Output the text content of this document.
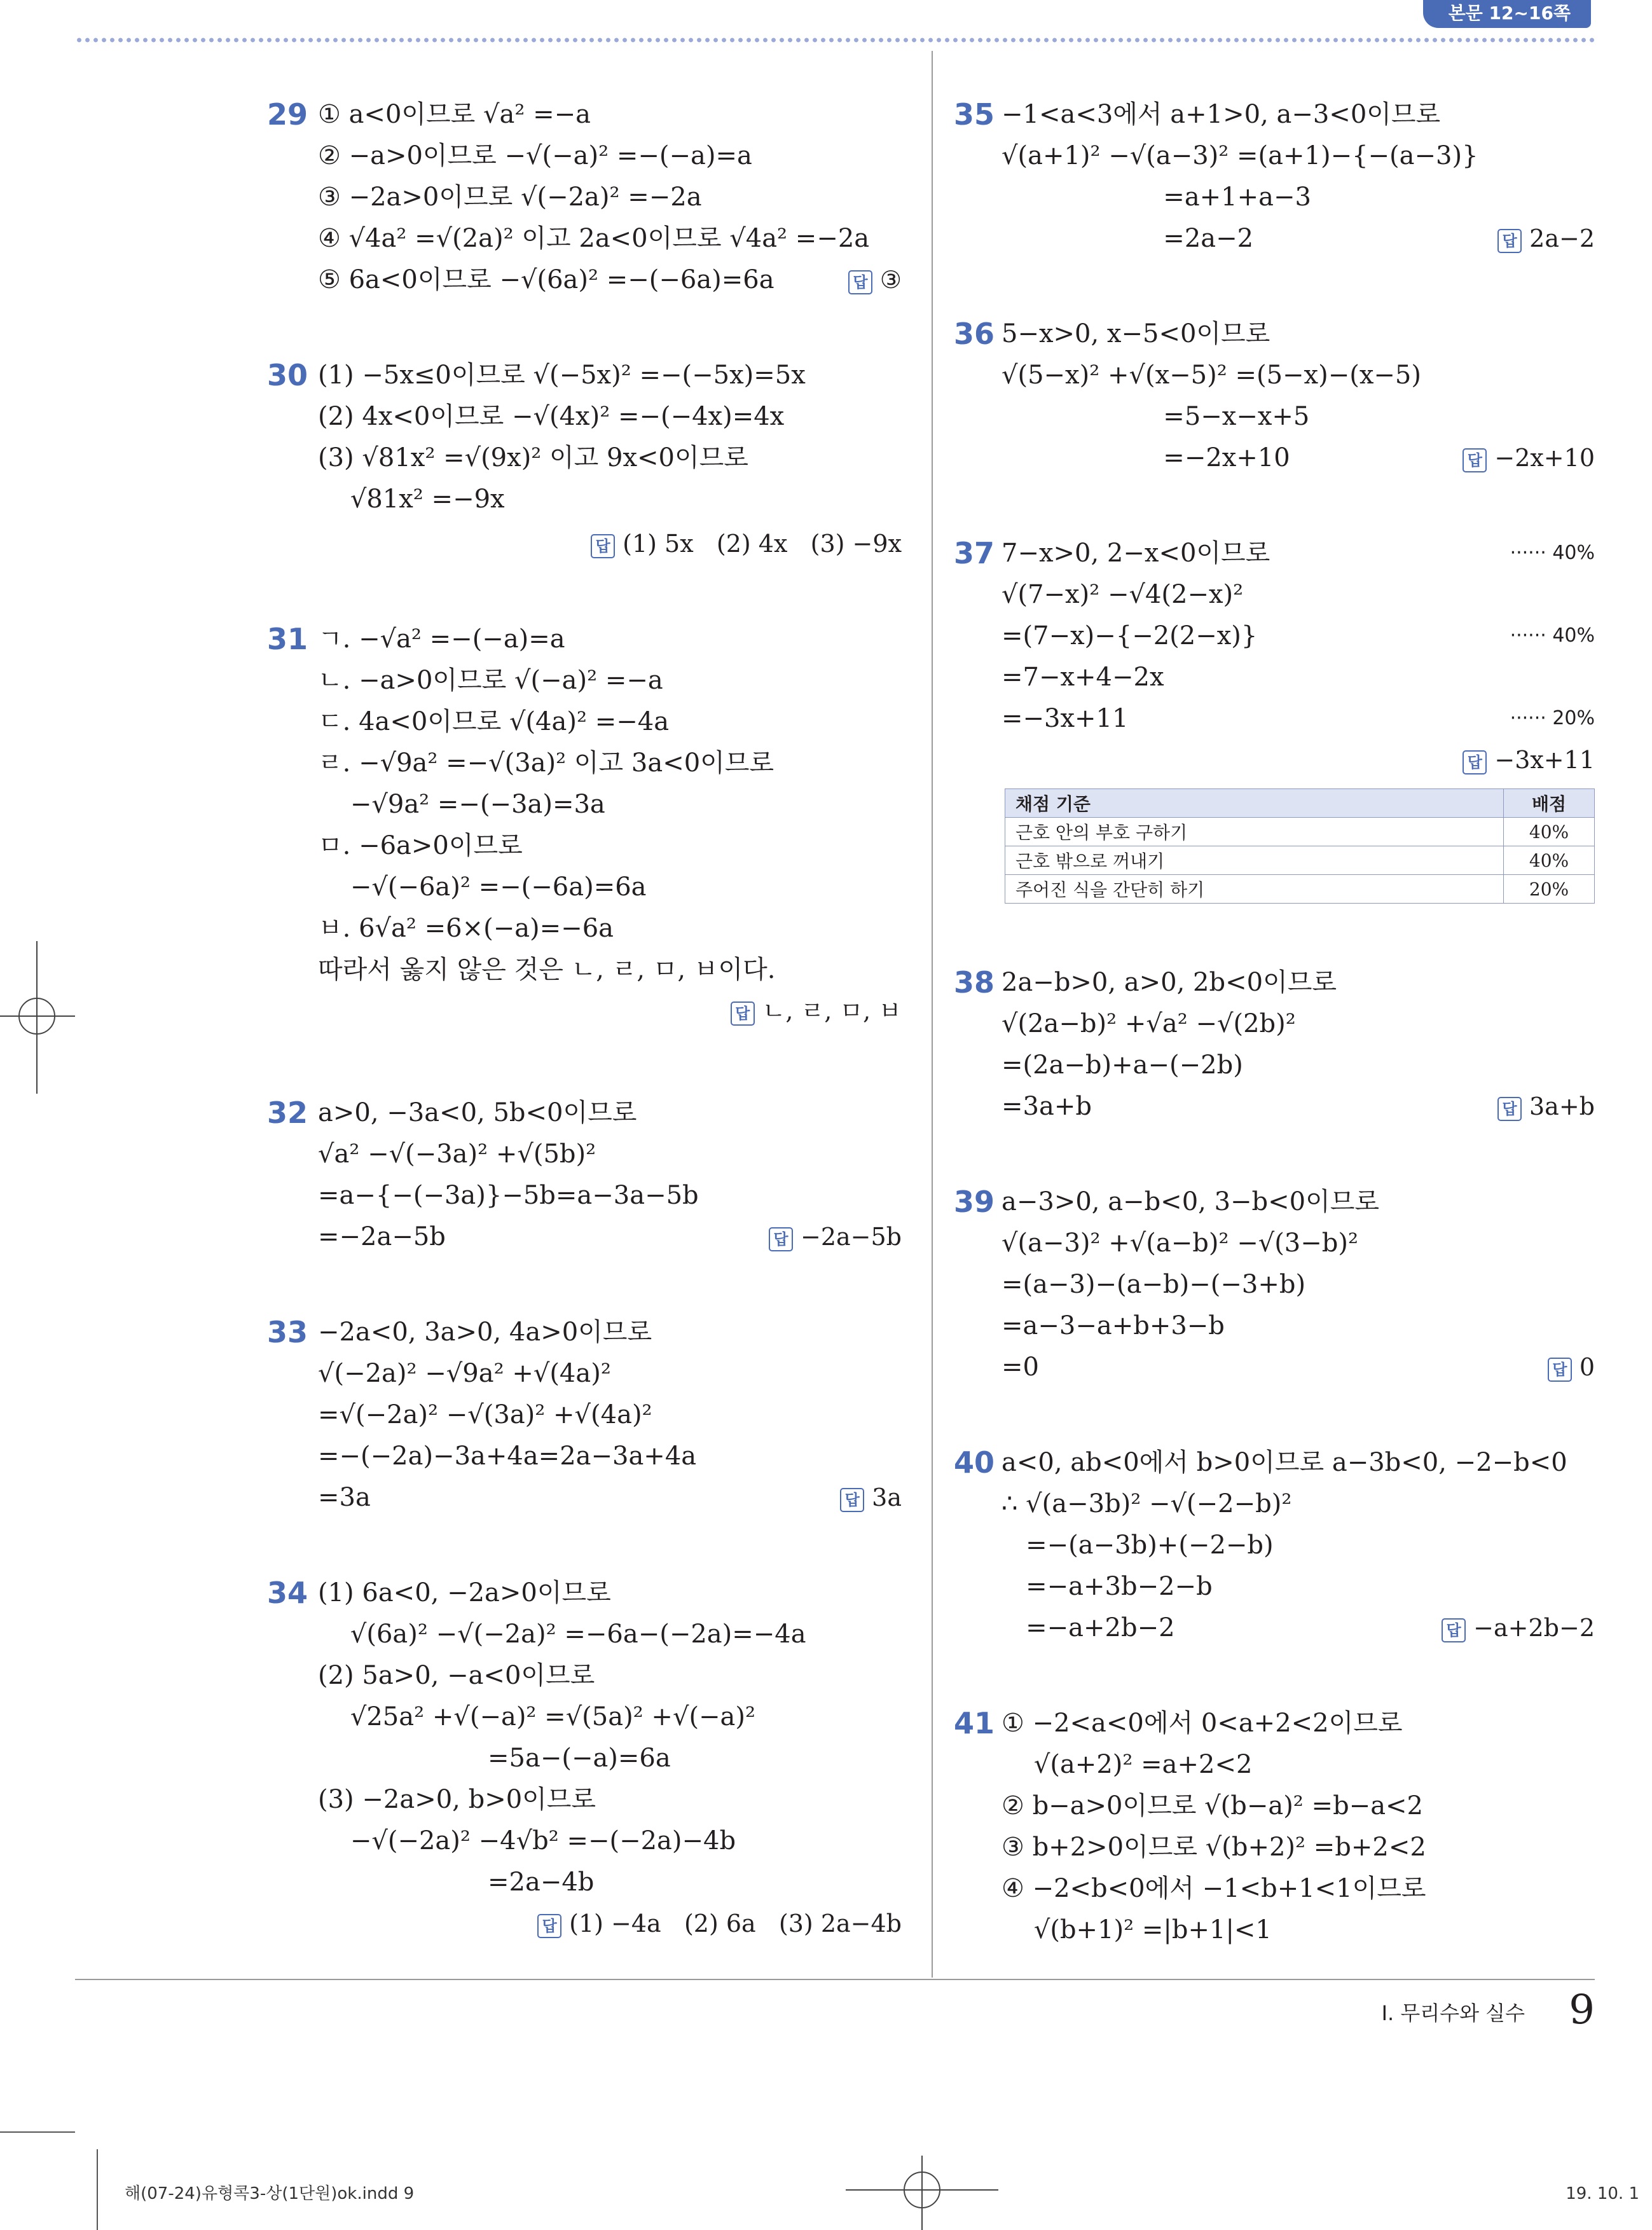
본문 12~16쪽
29 ① a<0이므로 √a² =−a
② −a>0이므로 −√(−a)² =−(−a)=a
③ −2a>0이므로 √(−2a)² =−2a
④ √4a² =√(2a)² 이고 2a<0이므로 √4a² =−2a
⑤ 6a<0이므로 −√(6a)² =−(−6a)=6a	답 ③
30 (1) −5x≤0이므로 √(−5x)² =−(−5x)=5x
(2) 4x<0이므로 −√(4x)² =−(−4x)=4x
(3) √81x² =√(9x)² 이고 9x<0이므로
√81x² =−9x
답 (1) 5x   (2) 4x   (3) −9x
31 ㄱ. −√a² =−(−a)=a
ㄴ. −a>0이므로 √(−a)² =−a
ㄷ. 4a<0이므로 √(4a)² =−4a
ㄹ. −√9a² =−√(3a)² 이고 3a<0이므로
−√9a² =−(−3a)=3a
ㅁ. −6a>0이므로
−√(−6a)² =−(−6a)=6a
ㅂ. 6√a² =6×(−a)=−6a
따라서 옳지 않은 것은 ㄴ, ㄹ, ㅁ, ㅂ이다.
답 ㄴ, ㄹ, ㅁ, ㅂ
32 a>0, −3a<0, 5b<0이므로
√a² −√(−3a)² +√(5b)²
=a−{−(−3a)}−5b=a−3a−5b
=−2a−5b	답 −2a−5b
33 −2a<0, 3a>0, 4a>0이므로
√(−2a)² −√9a² +√(4a)²
=√(−2a)² −√(3a)² +√(4a)²
=−(−2a)−3a+4a=2a−3a+4a
=3a	답 3a
34 (1) 6a<0, −2a>0이므로
√(6a)² −√(−2a)² =−6a−(−2a)=−4a
(2) 5a>0, −a<0이므로
√25a² +√(−a)² =√(5a)² +√(−a)²
=5a−(−a)=6a
(3) −2a>0, b>0이므로
−√(−2a)² −4√b² =−(−2a)−4b
=2a−4b
답 (1) −4a   (2) 6a   (3) 2a−4b
35 −1<a<3에서 a+1>0, a−3<0이므로
√(a+1)² −√(a−3)² =(a+1)−{−(a−3)}
=a+1+a−3
=2a−2	답 2a−2
36 5−x>0, x−5<0이므로
√(5−x)² +√(x−5)² =(5−x)−(x−5)
=5−x−x+5
=−2x+10	답 −2x+10
37 7−x>0, 2−x<0이므로
√(7−x)² −√4(2−x)²
=(7−x)−{−2(2−x)}
=7−x+4−2x
=−3x+11
······ 40%
······ 40%
······ 20%
답 −3x+11
채점 기준	배점
근호 안의 부호 구하기	40%
근호 밖으로 꺼내기	40%
주어진 식을 간단히 하기	20%
38 2a−b>0, a>0, 2b<0이므로
√(2a−b)² +√a² −√(2b)²
=(2a−b)+a−(−2b)
=3a+b	답 3a+b
39 a−3>0, a−b<0, 3−b<0이므로
√(a−3)² +√(a−b)² −√(3−b)²
=(a−3)−(a−b)−(−3+b)
=a−3−a+b+3−b
=0	답 0
40 a<0, ab<0에서 b>0이므로 a−3b<0, −2−b<0
∴ √(a−3b)² −√(−2−b)²
=−(a−3b)+(−2−b)
=−a+3b−2−b
=−a+2b−2	답 −a+2b−2
41 ① −2<a<0에서 0<a+2<2이므로
√(a+2)² =a+2<2
② b−a>0이므로 √(b−a)² =b−a<2
③ b+2>0이므로 √(b+2)² =b+2<2
④ −2<b<0에서 −1<b+1<1이므로
√(b+1)² =|b+1|<1
Ⅰ. 무리수와 실수 9
해(07-24)유형콕3-상(1단원)ok.indd 9	19. 10. 1
